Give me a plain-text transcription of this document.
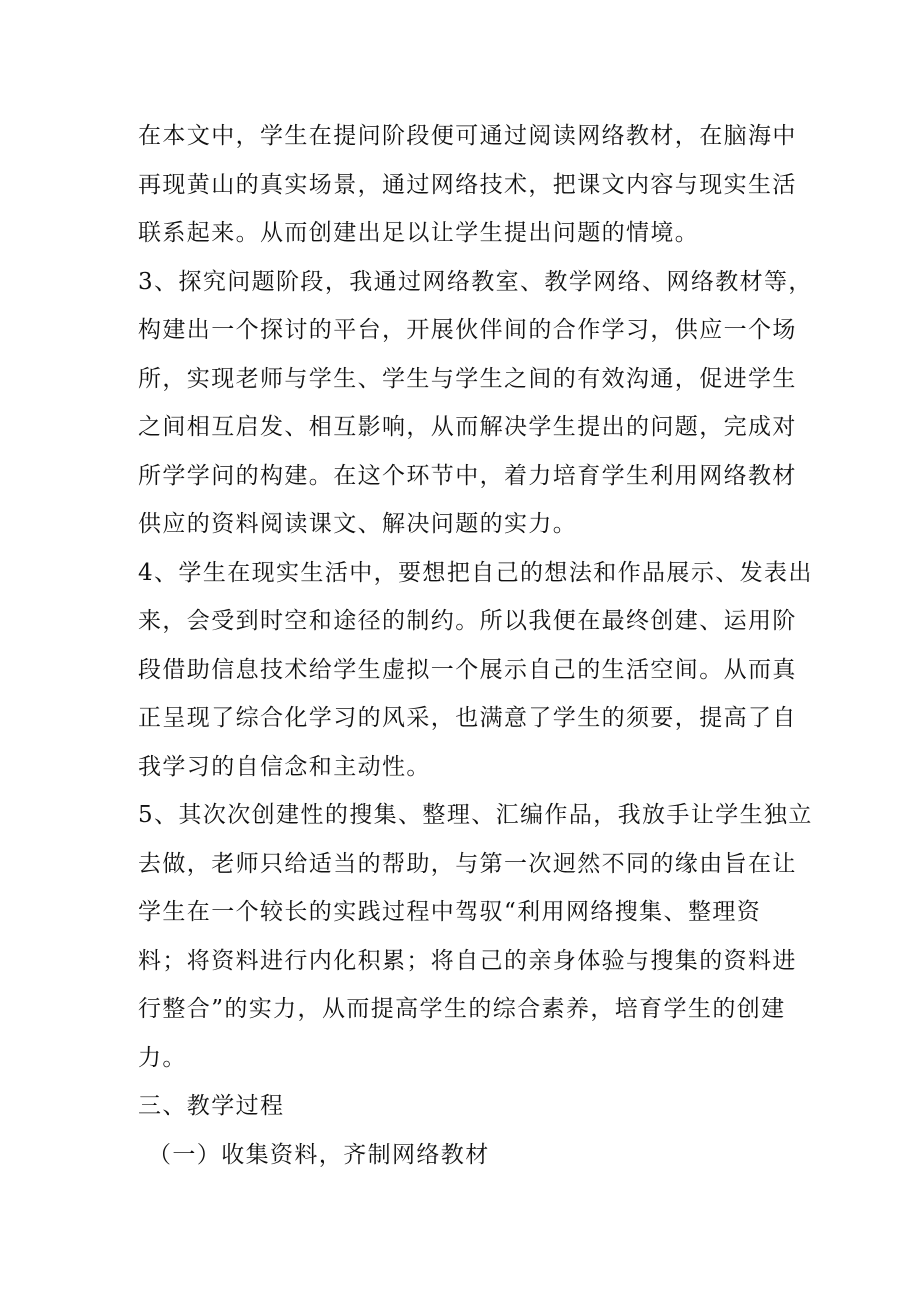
在本文中，学生在提问阶段便可通过阅读网络教材，在脑海中
再现黄山的真实场景，通过网络技术，把课文内容与现实生活
联系起来。从而创建出足以让学生提出问题的情境。
3、探究问题阶段，我通过网络教室、教学网络、网络教材等，
构建出一个探讨的平台，开展伙伴间的合作学习，供应一个场
所，实现老师与学生、学生与学生之间的有效沟通，促进学生
之间相互启发、相互影响，从而解决学生提出的问题，完成对
所学学问的构建。在这个环节中，着力培育学生利用网络教材
供应的资料阅读课文、解决问题的实力。
4、学生在现实生活中，要想把自己的想法和作品展示、发表出
来，会受到时空和途径的制约。所以我便在最终创建、运用阶
段借助信息技术给学生虚拟一个展示自己的生活空间。从而真
正呈现了综合化学习的风采，也满意了学生的须要，提高了自
我学习的自信念和主动性。
5、其次次创建性的搜集、整理、汇编作品，我放手让学生独立
去做，老师只给适当的帮助，与第一次迥然不同的缘由旨在让
学生在一个较长的实践过程中驾驭“利用网络搜集、整理资
料；将资料进行内化积累；将自己的亲身体验与搜集的资料进
行整合”的实力，从而提高学生的综合素养，培育学生的创建
力。
三、教学过程
（一）收集资料，齐制网络教材
